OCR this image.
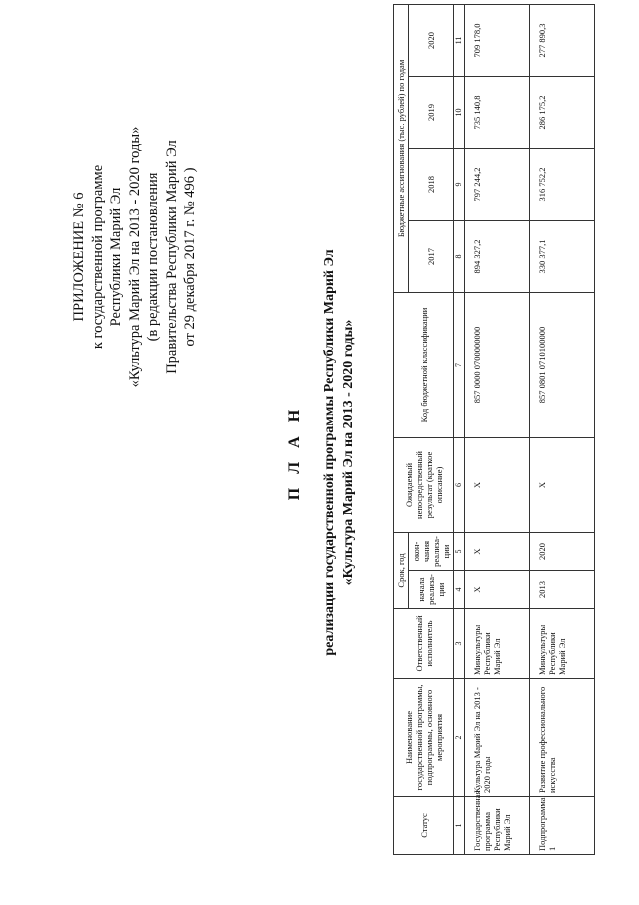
ПРИЛОЖЕНИЕ № 6 к государственной программе Республики Марий Эл «Культура Марий Эл на 2013 - 2020 годы» (в редакции постановления Правительства Республики Марий Эл от 29 декабря 2017 г. № 496 )
П Л А Н реализации государственной программы Республики Марий Эл «Культура Марий Эл на 2013 - 2020 годы»
Статус	Наименование государственной программы, подпрограммы, основного мероприятия	Ответственный исполнитель	Срок, год		Ожидаемый непосредственный результат (краткое описание)	Код бюджетной классификации	Бюджетные ассигнования (тыс. рублей) по годам			
			начала реализа-ции	окон-чания реализа-ции			2017	2018	2019	2020

1	2	3	4	5	6	7	8	9	10	11
Государственная программа Республики Марий Эл	Культура Марий Эл на 2013 - 2020 годы	Минкультуры Республики Марий Эл	Х	Х	Х	857 0000 0700000000	894 327,2	797 244,2	735 140,8	709 178,0
Подпрограмма 1	Развитие профессионального искусства	Минкультуры Республики Марий Эл	2013	2020	Х	857 0801 0710100000	330 377,1	316 752,2	286 175,2	277 890,3
